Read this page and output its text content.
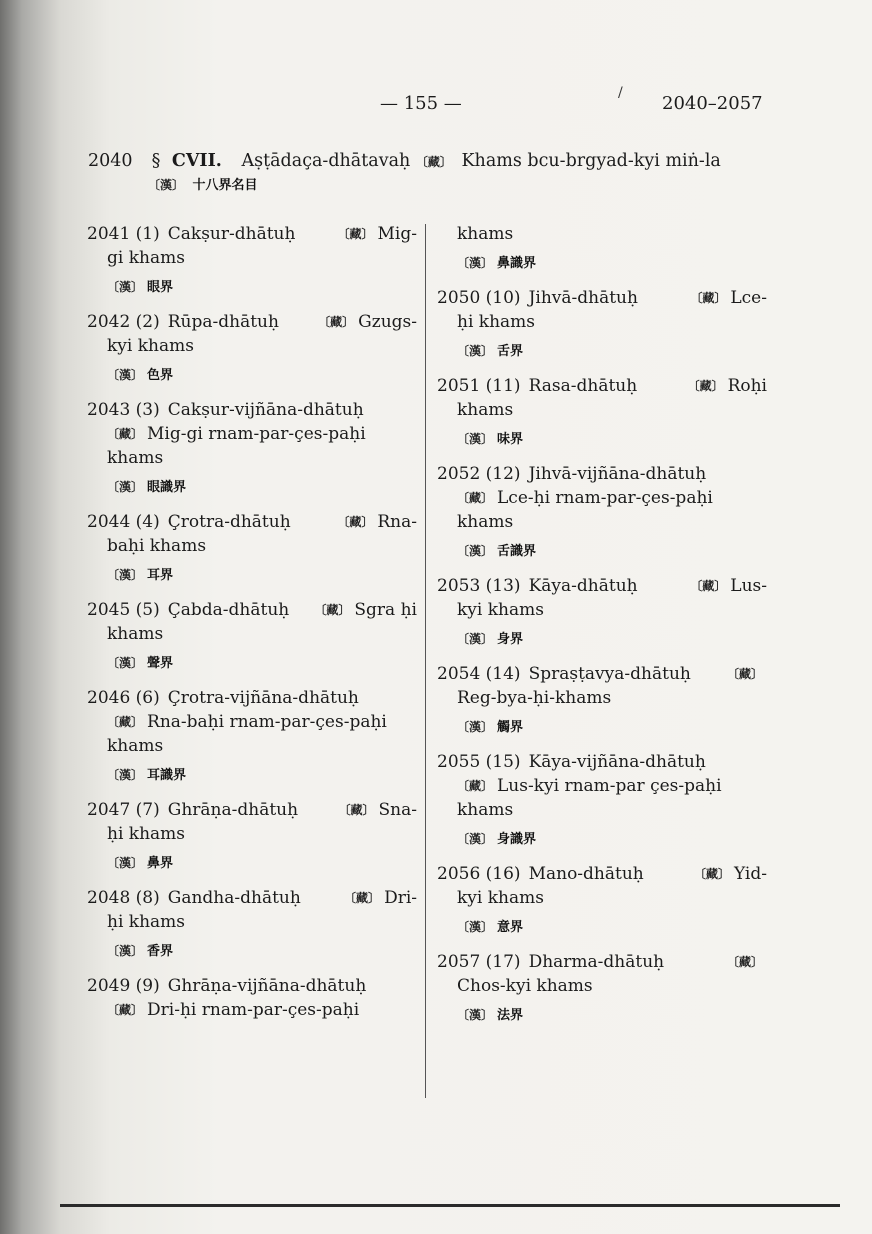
— 155 —	/ 2040–2057
2040 § CVII. Aṣṭādaça-dhātavaḥ 〔藏〕 Khams bcu-brgyad-kyi miṅ-la
〔漢〕 十八界名目
2041 (1) Cakṣur-dhātuḥ	〔藏〕 Mig-
gi khams
〔漢〕 眼界
2042 (2) Rūpa-dhātuḥ	〔藏〕 Gzugs-
kyi khams
〔漢〕 色界
2043 (3) Cakṣur-vijñāna-dhātuḥ
〔藏〕 Mig-gi rnam-par-çes-paḥi
khams
〔漢〕 眼識界
2044 (4) Çrotra-dhātuḥ	〔藏〕 Rna-
baḥi khams
〔漢〕 耳界
2045 (5) Çabda-dhātuḥ 〔藏〕 Sgra ḥi
khams
〔漢〕 聲界
2046 (6) Çrotra-vijñāna-dhātuḥ
〔藏〕 Rna-baḥi rnam-par-çes-paḥi
khams
〔漢〕 耳識界
2047 (7) Ghrāṇa-dhātuḥ	〔藏〕 Sna-
ḥi khams
〔漢〕 鼻界
2048 (8) Gandha-dhātuḥ	〔藏〕 Dri-
ḥi khams
〔漢〕 香界
2049 (9) Ghrāṇa-vijñāna-dhātuḥ
〔藏〕 Dri-ḥi rnam-par-çes-paḥi
khams
〔漢〕 鼻識界
2050 (10) Jihvā-dhātuḥ	〔藏〕 Lce-
ḥi khams
〔漢〕 舌界
2051 (11) Rasa-dhātuḥ	〔藏〕 Roḥi
khams
〔漢〕 味界
2052 (12) Jihvā-vijñāna-dhātuḥ
〔藏〕 Lce-ḥi rnam-par-çes-paḥi
khams
〔漢〕 舌識界
2053 (13) Kāya-dhātuḥ	〔藏〕 Lus-
kyi khams
〔漢〕 身界
2054 (14) Spraṣṭavya-dhātuḥ	〔藏〕
Reg-bya-ḥi-khams
〔漢〕 觸界
2055 (15) Kāya-vijñāna-dhātuḥ
〔藏〕 Lus-kyi rnam-par çes-paḥi
khams
〔漢〕 身識界
2056 (16) Mano-dhātuḥ	〔藏〕 Yid-
kyi khams
〔漢〕 意界
2057 (17) Dharma-dhātuḥ	〔藏〕
Chos-kyi khams
〔漢〕 法界
